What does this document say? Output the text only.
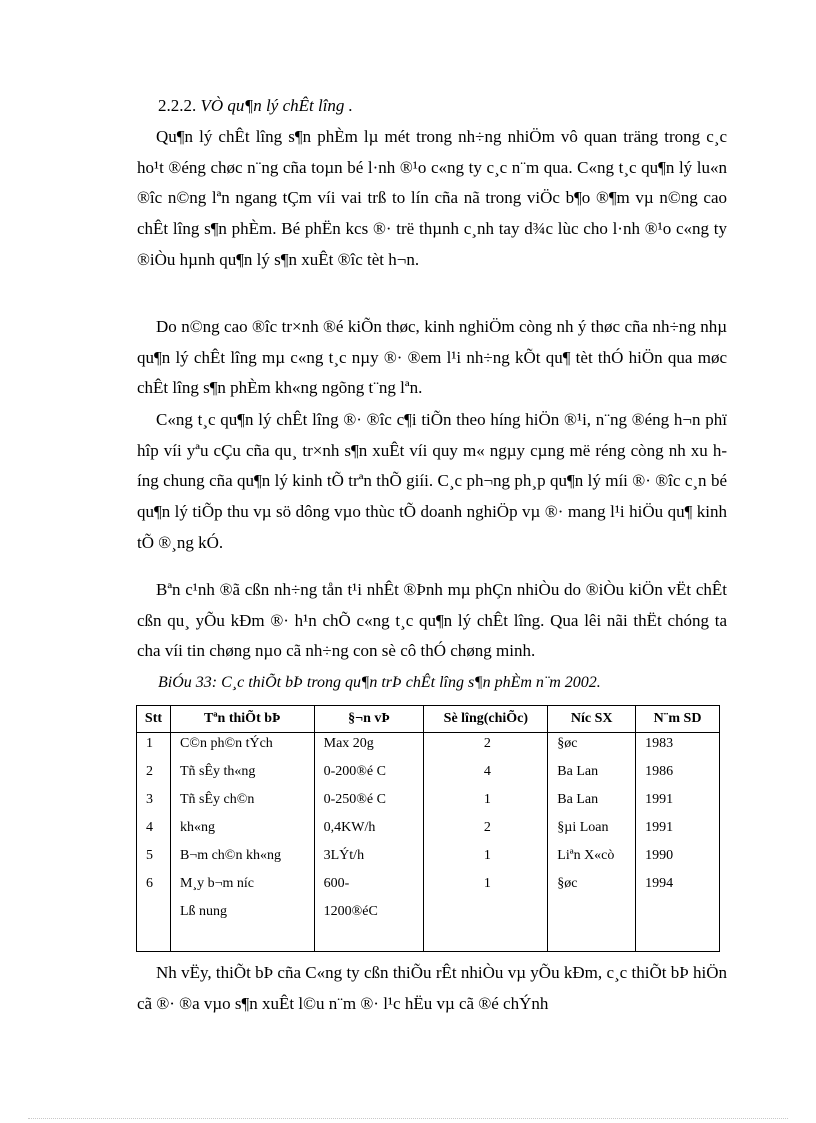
2.2.2. VÒ qu¶n lý chÊt lîng .

Qu¶n lý chÊt lîng s¶n phÈm lµ mét trong nh÷ng nhiÖm vô quan träng trong c¸c ho¹t ®éng chøc n¨ng cña toµn bé l·nh ®¹o c«ng ty c¸c n¨m qua. C«ng t¸c qu¶n lý lu«n ®îc n©ng lªn ngang tÇm víi vai trß to lín cña nã trong viÖc b¶o ®¶m vµ n©ng cao chÊt lîng s¶n phÈm. Bé phËn kcs ®· trë thµnh c¸nh tay d¾c lùc cho l·nh ®¹o c«ng ty ®iÒu hµnh qu¶n lý s¶n xuÊt ®îc tèt h¬n.

Do n©ng cao ®îc tr×nh ®é kiÕn thøc, kinh nghiÖm còng nh ý thøc cña nh÷ng nhµ qu¶n lý chÊt lîng mµ c«ng t¸c nµy ®· ®em l¹i nh÷ng kÕt qu¶ tèt thÓ hiÖn qua møc chÊt lîng s¶n phÈm kh«ng ngõng t¨ng lªn.

C«ng t¸c qu¶n lý chÊt lîng ®· ®îc c¶i tiÕn theo híng hiÖn ®¹i, n¨ng ®éng h¬n phï hîp víi yªu cÇu cña qu¸ tr×nh s¶n xuÊt víi quy m« ngµy cµng më réng còng nh xu híng chung cña qu¶n lý kinh tÕ trªn thÕ giíi. C¸c ph¬ng ph¸p qu¶n lý míi ®· ®îc c¸n bé qu¶n lý tiÕp thu vµ sö dông vµo thùc tÕ doanh nghiÖp vµ ®· mang l¹i hiÖu qu¶ kinh tÕ ®¸ng kÓ.

Bªn c¹nh ®ã cßn nh÷ng tån t¹i nhÊt ®Þnh mµ phÇn nhiÒu do ®iÒu kiÖn vËt chÊt cßn qu¸ yÕu kÐm ®· h¹n chÕ c«ng t¸c qu¶n lý chÊt lîng. Qua lêi nãi thËt chóng ta cha víi tin chøng nµo cã nh÷ng con sè cô thÓ chøng minh.

BiÓu 33: C¸c thiÕt bÞ trong qu¶n trÞ chÊt lîng s¶n phÈm n¨m 2002.
Stt	Tªn thiÕt bÞ	§¬n vÞ	Sè lîng(chiÕc)	Níc SX	N¨m SD
1	C©n ph©n tÝch	Max 20g	2	§øc	1983
2	Tñ sÊy th«ng	0-200®é C	4	Ba Lan	1986
3	Tñ sÊy ch©n	0-250®é C	1	Ba Lan	1991
4	kh«ng	0,4KW/h	2	§µi Loan	1991
5	B¬m ch©n kh«ng	3LÝt/h	1	Liªn X«cò	1990
6	M¸y b¬m níc	600-	1	§øc	1994
	Lß nung	1200®éC			

Nh vËy, thiÕt bÞ cña C«ng ty cßn thiÕu rÊt nhiÒu vµ yÕu kÐm, c¸c thiÕt bÞ hiÖn cã ®· ®a vµo s¶n xuÊt l©u n¨m ®· l¹c hËu vµ cã ®é chÝnh
